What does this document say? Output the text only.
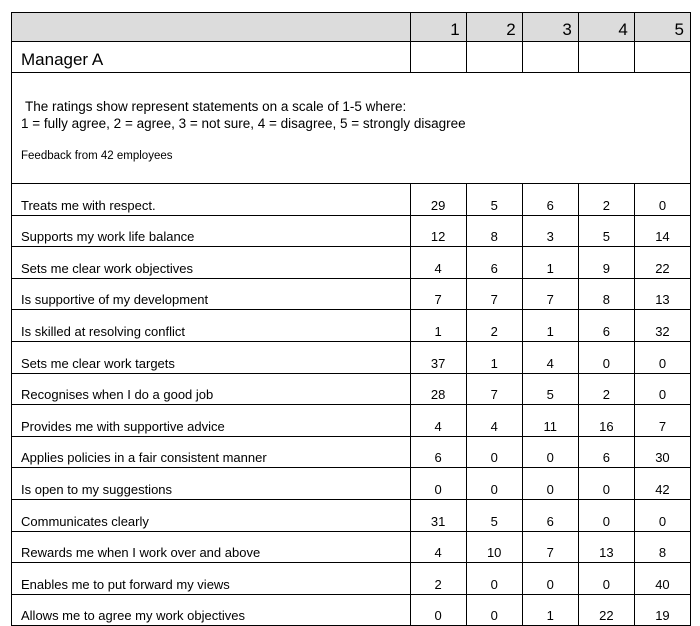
	1	2	3	4	5
Manager A					

The ratings show represent statements on a scale of 1-5 where:
1 = fully agree, 2 = agree, 3 = not sure, 4 = disagree, 5 = strongly disagree
Feedback from 42 employees					

Treats me with respect.	29	5	6	2	0
Supports my work life balance	12	8	3	5	14
Sets me clear work objectives	4	6	1	9	22
Is supportive of my development	7	7	7	8	13
Is skilled at resolving conflict	1	2	1	6	32
Sets me clear work targets	37	1	4	0	0
Recognises when I do a good job	28	7	5	2	0
Provides me with supportive advice	4	4	11	16	7
Applies policies in a fair consistent manner	6	0	0	6	30
Is open to my suggestions	0	0	0	0	42
Communicates clearly	31	5	6	0	0
Rewards me when I work over and above	4	10	7	13	8
Enables me to put forward my views	2	0	0	0	40
Allows me to agree my work objectives	0	0	1	22	19
